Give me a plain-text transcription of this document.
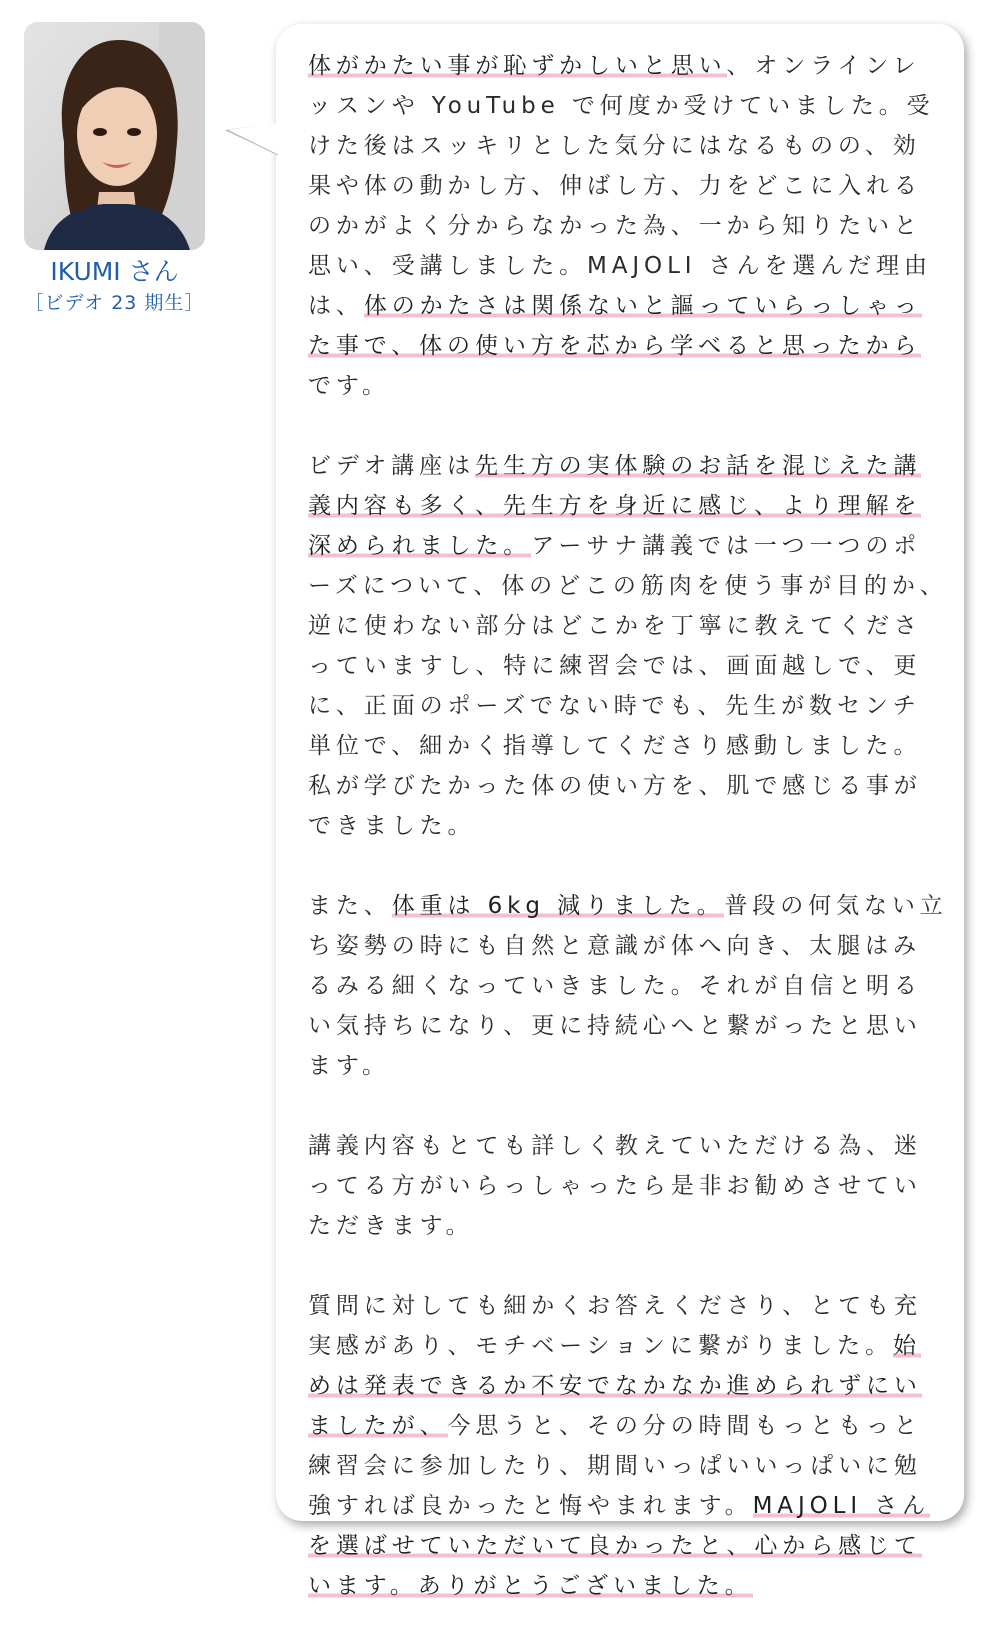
IKUMI さん
［ビデオ 23 期生］

体がかたい事が恥ずかしいと思い、オンラインレッスンや YouTube で何度か受けていました。受けた後はスッキリとした気分にはなるものの、効果や体の動かし方、伸ばし方、力をどこに入れるのかがよく分からなかった為、一から知りたいと思い、受講しました。MAJOLI さんを選んだ理由は、体のかたさは関係ないと謳っていらっしゃった事で、体の使い方を芯から学べると思ったからです。

ビデオ講座は先生方の実体験のお話を混じえた講義内容も多く、先生方を身近に感じ、より理解を深められました。アーサナ講義では一つ一つのポーズについて、体のどこの筋肉を使う事が目的か、逆に使わない部分はどこかを丁寧に教えてくださっていますし、特に練習会では、画面越しで、更に、正面のポーズでない時でも、先生が数センチ単位で、細かく指導してくださり感動しました。私が学びたかった体の使い方を、肌で感じる事ができました。

また、体重は 6kg 減りました。普段の何気ない立ち姿勢の時にも自然と意識が体へ向き、太腿はみるみる細くなっていきました。それが自信と明るい気持ちになり、更に持続心へと繋がったと思います。

講義内容もとても詳しく教えていただける為、迷ってる方がいらっしゃったら是非お勧めさせていただきます。

質問に対しても細かくお答えくださり、とても充実感があり、モチベーションに繋がりました。始めは発表できるか不安でなかなか進められずにいましたが、今思うと、その分の時間もっともっと練習会に参加したり、期間いっぱいいっぱいに勉強すれば良かったと悔やまれます。MAJOLI さんを選ばせていただいて良かったと、心から感じています。ありがとうございました。
